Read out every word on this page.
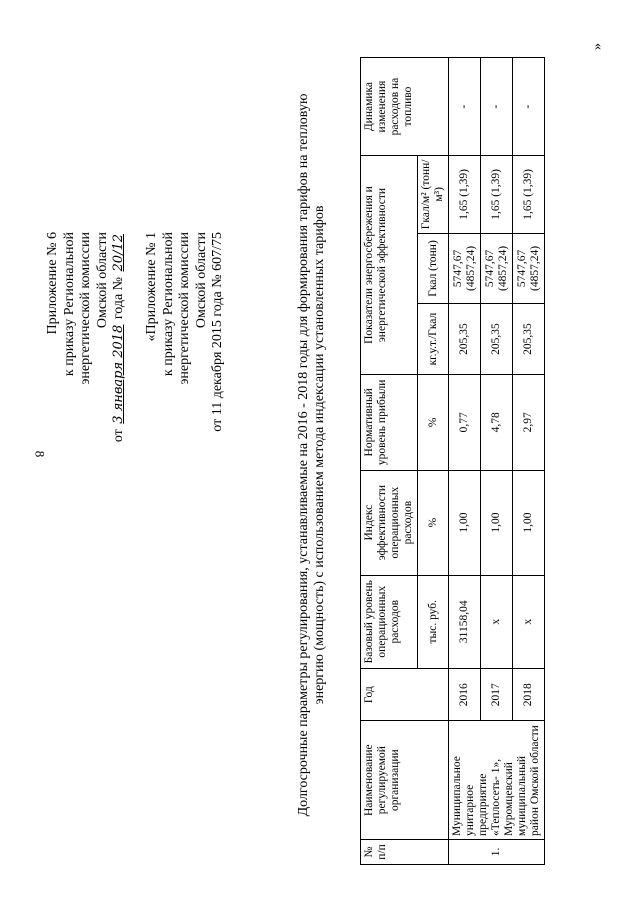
8
Приложение № 6 к приказу Региональной энергетической комиссии Омской области
от 3 января 2018 года № 20/12 «Приложение № 1 к приказу Региональной энергетической комиссии Омской области от 11 декабря 2015 года № 607/75	Долгосрочные параметры регулирования, устанавливаемые на 2016 - 2018 годы для формирования тарифов на тепловую энергию (мощность) с использованием метода индексации установленных тарифов
№ п/п	Наименование регулируемой организации	Год	Базовый уровень операционных расходов	Индекс эффективности операционных расходов	Нормативный уровень прибыли	Показатели энергосбережения и энергетической эффективности			Динамика изменения расходов на топливо
			тыс. руб.	%	%	кг.у.т./Гкал	Гкал (тонн)	Гкал/м² (тонн/м³)	
1.	Муниципальное унитарное предприятие «Теплосеть- 1», Муромцевский муниципальный район Омской области	2016	31158,04	1,00	0,77	205,35	5747,67 (4857,24)	1,65 (1,39)	-
		2017	х	1,00	4,78	205,35	5747,67 (4857,24)	1,65 (1,39)	-
		2018	х	1,00	2,97	205,35	5747,67 (4857,24)	1,65 (1,39)	-
»
